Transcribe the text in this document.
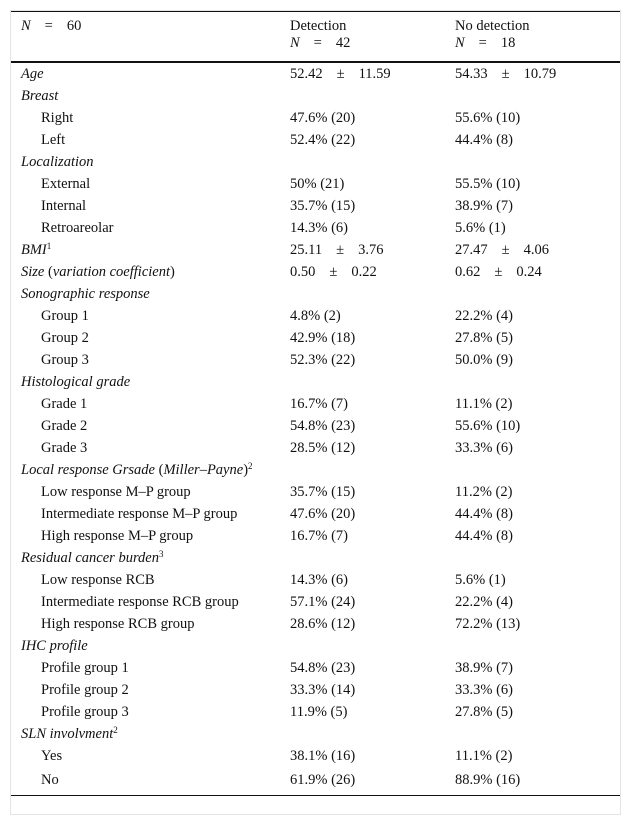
N = 60	Detection	No detection
	N = 42	N = 18
Age	52.42 ± 11.59	54.33 ± 10.79
Breast		
Right	47.6% (20)	55.6% (10)
Left	52.4% (22)	44.4% (8)
Localization		
External	50% (21)	55.5% (10)
Internal	35.7% (15)	38.9% (7)
Retroareolar	14.3% (6)	5.6% (1)
BMI$^1$	25.11 ± 3.76	27.47 ± 4.06
Size (variation coefficient)	0.50 ± 0.22	0.62 ± 0.24
Sonographic response		
Group 1	4.8% (2)	22.2% (4)
Group 2	42.9% (18)	27.8% (5)
Group 3	52.3% (22)	50.0% (9)
Histological grade		
Grade 1	16.7% (7)	11.1% (2)
Grade 2	54.8% (23)	55.6% (10)
Grade 3	28.5% (12)	33.3% (6)
Local response Grsade (Miller–Payne)$^2$		
Low response M–P group	35.7% (15)	11.2% (2)
Intermediate response M–P group	47.6% (20)	44.4% (8)
High response M–P group	16.7% (7)	44.4% (8)
Residual cancer burden$^3$		
Low response RCB	14.3% (6)	5.6% (1)
Intermediate response RCB group	57.1% (24)	22.2% (4)
High response RCB group	28.6% (12)	72.2% (13)
IHC profile		
Profile group 1	54.8% (23)	38.9% (7)
Profile group 2	33.3% (14)	33.3% (6)
Profile group 3	11.9% (5)	27.8% (5)
SLN involvment$^2$		
Yes	38.1% (16)	11.1% (2)
No	61.9% (26)	88.9% (16)
